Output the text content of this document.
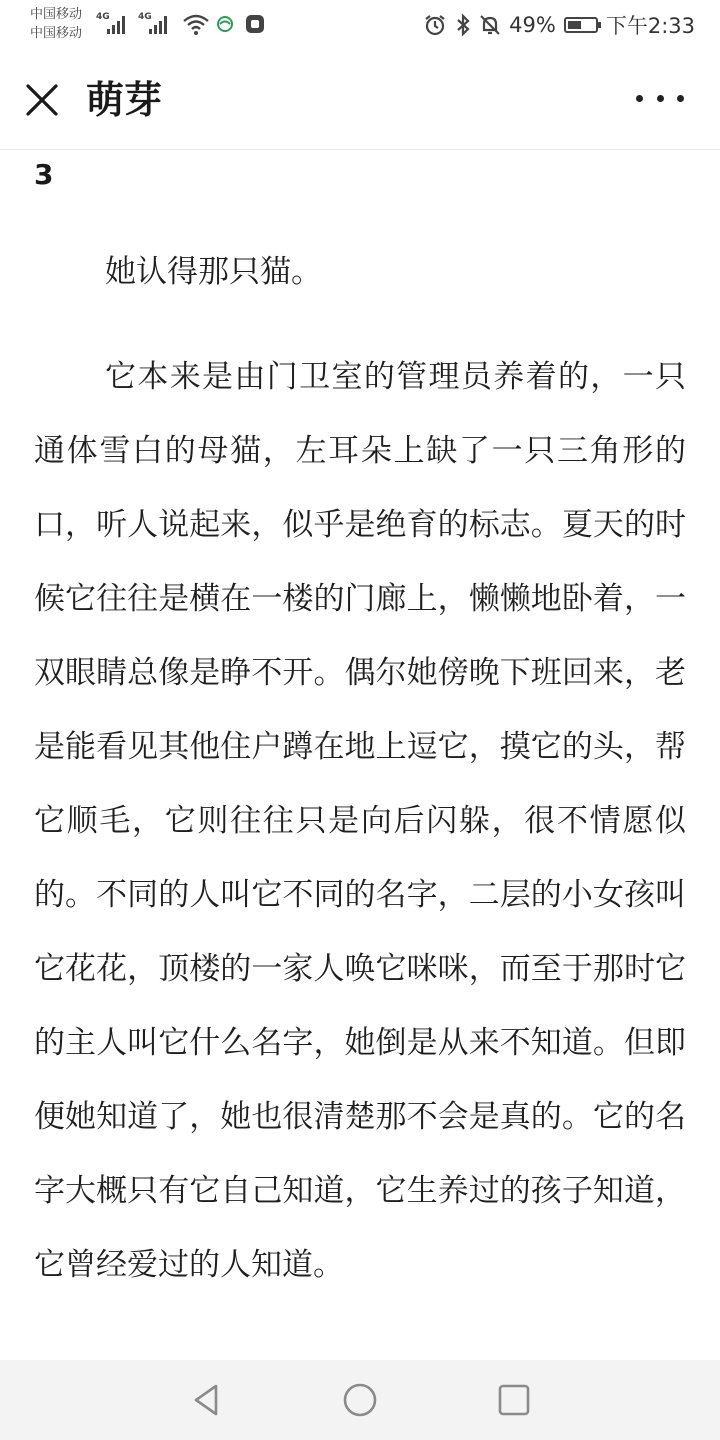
中国移动
中国移动
4G	4G	49% 下午2:33
萌芽
3

她认得那只猫。

它本来是由门卫室的管理员养着的，一只通体雪白的母猫，左耳朵上缺了一只三角形的口，听人说起来，似乎是绝育的标志。夏天的时候它往往是横在一楼的门廊上，懒懒地卧着，一双眼睛总像是睁不开。偶尔她傍晚下班回来，老是能看见其他住户蹲在地上逗它，摸它的头，帮它顺毛，它则往往只是向后闪躲，很不情愿似的。不同的人叫它不同的名字，二层的小女孩叫它花花，顶楼的一家人唤它咪咪，而至于那时它的主人叫它什么名字，她倒是从来不知道。但即便她知道了，她也很清楚那不会是真的。它的名字大概只有它自己知道，它生养过的孩子知道，它曾经爱过的人知道。
